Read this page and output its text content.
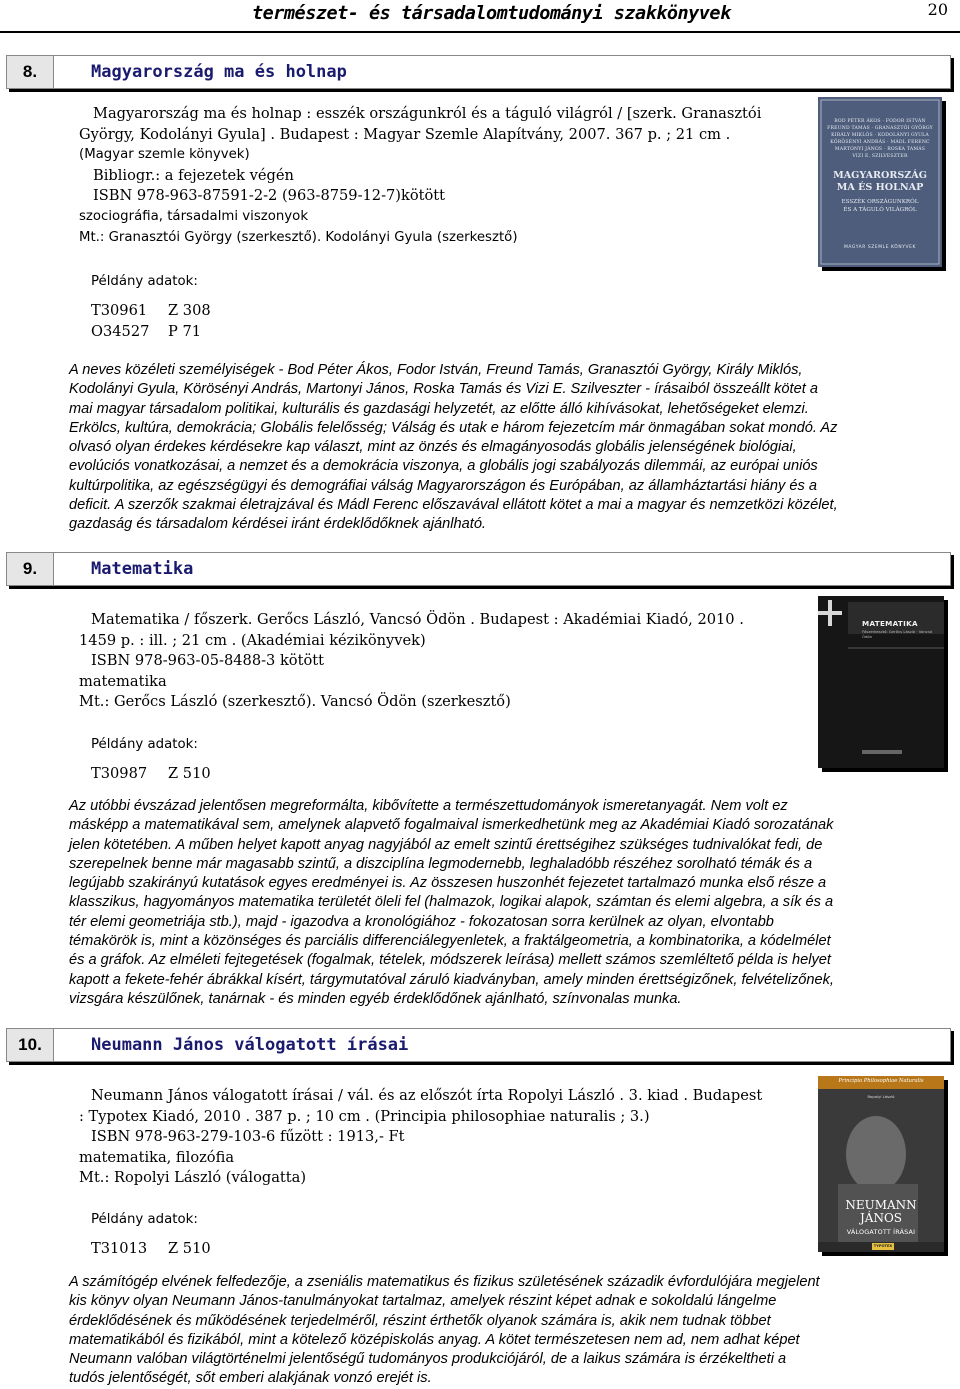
természet- és társadalomtudományi szakkönyvek	20
8.	Magyarország ma és holnap
Magyarország ma és holnap : esszék országunkról és a táguló világról / [szerk. Granasztói
György, Kodolányi Gyula] . Budapest : Magyar Szemle Alapítvány, 2007. 367 p. ; 21 cm .
(Magyar szemle könyvek)
Bibliogr.: a fejezetek végén
ISBN 978-963-87591-2-2 (963-8759-12-7)kötött
szociográfia, társadalmi viszonyok
Mt.: Granasztói György (szerkesztő). Kodolányi Gyula (szerkesztő)
Példány adatok:
T30961 Z 308
O34527 P 71
BOD PÉTER ÁKOS · FODOR ISTVÁN
FREUND TAMÁS · GRANASZTÓI GYÖRGY
KIRÁLY MIKLÓS · KODOLÁNYI GYULA
KÖRÖSÉNYI ANDRÁS · MÁDL FERENC
MARTONYI JÁNOS · ROSKA TAMÁS
VIZI E. SZILVESZTER
MAGYARORSZÁG
MA ÉS HOLNAP
ESSZÉK ORSZÁGUNKRÓL
ÉS A TÁGULÓ VILÁGRÓL
MAGYAR SZEMLE KÖNYVEK
A neves közéleti személyiségek - Bod Péter Ákos, Fodor István, Freund Tamás, Granasztói György, Király Miklós,
Kodolányi Gyula, Körösényi András, Martonyi János, Roska Tamás és Vizi E. Szilveszter - írásaiból összeállt kötet a
mai magyar társadalom politikai, kulturális és gazdasági helyzetét, az előtte álló kihívásokat, lehetőségeket elemzi.
Erkölcs, kultúra, demokrácia; Globális felelősség; Válság és utak e három fejezetcím már önmagában sokat mondó. Az
olvasó olyan érdekes kérdésekre kap választ, mint az önzés és elmagányosodás globális jelenségének biológiai,
evolúciós vonatkozásai, a nemzet és a demokrácia viszonya, a globális jogi szabályozás dilemmái, az európai uniós
kultúrpolitika, az egészségügyi és demográfiai válság Magyarországon és Európában, az államháztartási hiány és a
deficit. A szerzők szakmai életrajzával és Mádl Ferenc előszavával ellátott kötet a mai a magyar és nemzetközi közélet,
gazdaság és társadalom kérdései iránt érdeklődőknek ajánlható.
9.	Matematika
Matematika / főszerk. Gerőcs László, Vancsó Ödön . Budapest : Akadémiai Kiadó, 2010 .
1459 p. : ill. ; 21 cm . (Akadémiai kézikönyvek)
ISBN 978-963-05-8488-3 kötött
matematika
Mt.: Gerőcs László (szerkesztő). Vancsó Ödön (szerkesztő)
Példány adatok:
T30987 Z 510
MATEMATIKA
Főszerkesztő: Gerőcs László · Vancsó Ödön
Az utóbbi évszázad jelentősen megreformálta, kibővítette a természettudományok ismeretanyagát. Nem volt ez
másképp a matematikával sem, amelynek alapvető fogalmaival ismerkedhetünk meg az Akadémiai Kiadó sorozatának
jelen kötetében. A műben helyet kapott anyag nagyjából az emelt szintű érettségihez szükséges tudnivalókat fedi, de
szerepelnek benne már magasabb szintű, a diszciplína legmodernebb, leghaladóbb részéhez sorolható témák és a
legújabb szakirányú kutatások egyes eredményei is. Az összesen huszonhét fejezetet tartalmazó munka első része a
klasszikus, hagyományos matematika területét öleli fel (halmazok, logikai alapok, számtan és elemi algebra, a sík és a
tér elemi geometriája stb.), majd - igazodva a kronológiához - fokozatosan sorra kerülnek az olyan, elvontabb
témakörök is, mint a közönséges és parciális differenciálegyenletek, a fraktálgeometria, a kombinatorika, a kódelmélet
és a gráfok. Az elméleti fejtegetések (fogalmak, tételek, módszerek leírása) mellett számos szemléltető példa is helyet
kapott a fekete-fehér ábrákkal kísért, tárgymutatóval záruló kiadványban, amely minden érettségizőnek, felvételizőnek,
vizsgára készülőnek, tanárnak - és minden egyéb érdeklődőnek ajánlható, színvonalas munka.
10.	Neumann János válogatott írásai
Neumann János válogatott írásai / vál. és az előszót írta Ropolyi László . 3. kiad . Budapest
: Typotex Kiadó, 2010 . 387 p. ; 10 cm . (Principia philosophiae naturalis ; 3.)
ISBN 978-963-279-103-6 fűzött : 1913,- Ft
matematika, filozófia
Mt.: Ropolyi László (válogatta)
Példány adatok:
T31013 Z 510
Principia Philosophiae Naturalis
Ropolyi László
NEUMANN
JÁNOS
VÁLOGATOTT ÍRÁSAI
TYPOTEX
A számítógép elvének felfedezője, a zseniális matematikus és fizikus születésének századik évfordulójára megjelent
kis könyv olyan Neumann János-tanulmányokat tartalmaz, amelyek részint képet adnak e sokoldalú lángelme
érdeklődésének és működésének terjedelméről, részint érthetők olyanok számára is, akik nem tudnak többet
matematikából és fizikából, mint a kötelező középiskolás anyag. A kötet természetesen nem ad, nem adhat képet
Neumann valóban világtörténelmi jelentőségű tudományos produkciójáról, de a laikus számára is érzékeltheti a
tudós jelentőségét, sőt emberi alakjának vonzó erejét is.
